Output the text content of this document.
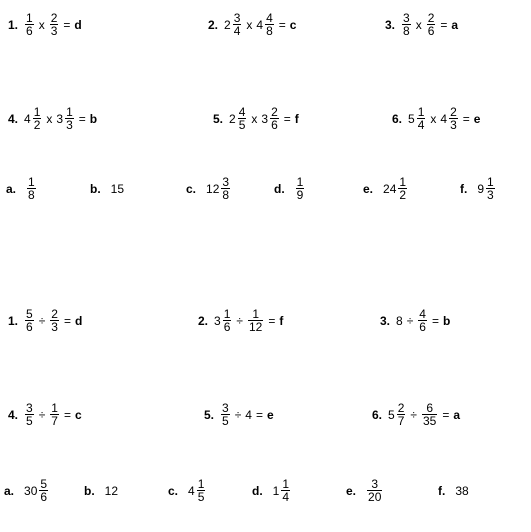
1. $\frac{1}{6}$ x $\frac{2}{3} = d$	2. $2 \frac{3}{4}$ x $4 \frac{4}{8} = c$	3. $\frac{3}{8}$ x $\frac{2}{6} = a$
4. $4 \frac{1}{2}$ x $3 \frac{1}{3} = b$	5. $2 \frac{4}{5}$ x $3 \frac{2}{6} = f$	6. $5 \frac{1}{4}$ x $4 \frac{2}{3} = e$
a. $\frac{1}{8}$	b. 15	c. $12 \frac{3}{8}$	d. $\frac{1}{9}$	e. $24 \frac{1}{2}$	f. $9 \frac{1}{3}$
1. $\frac{5}{6} \div \frac{2}{3} = d$	2. $3 \frac{1}{6} \div \frac{1}{12} = f$	3. $8 \div \frac{4}{6} = b$
4. $\frac{3}{5} \div \frac{1}{7} = c$	5. $\frac{3}{5} \div 4 = e$	6. $5 \frac{2}{7} \div \frac{6}{35} = a$
a. $30 \frac{5}{6}$	b. 12	c. $4 \frac{1}{5}$	d. $1 \frac{1}{4}$	e. $\frac{3}{20}$	f. 38
